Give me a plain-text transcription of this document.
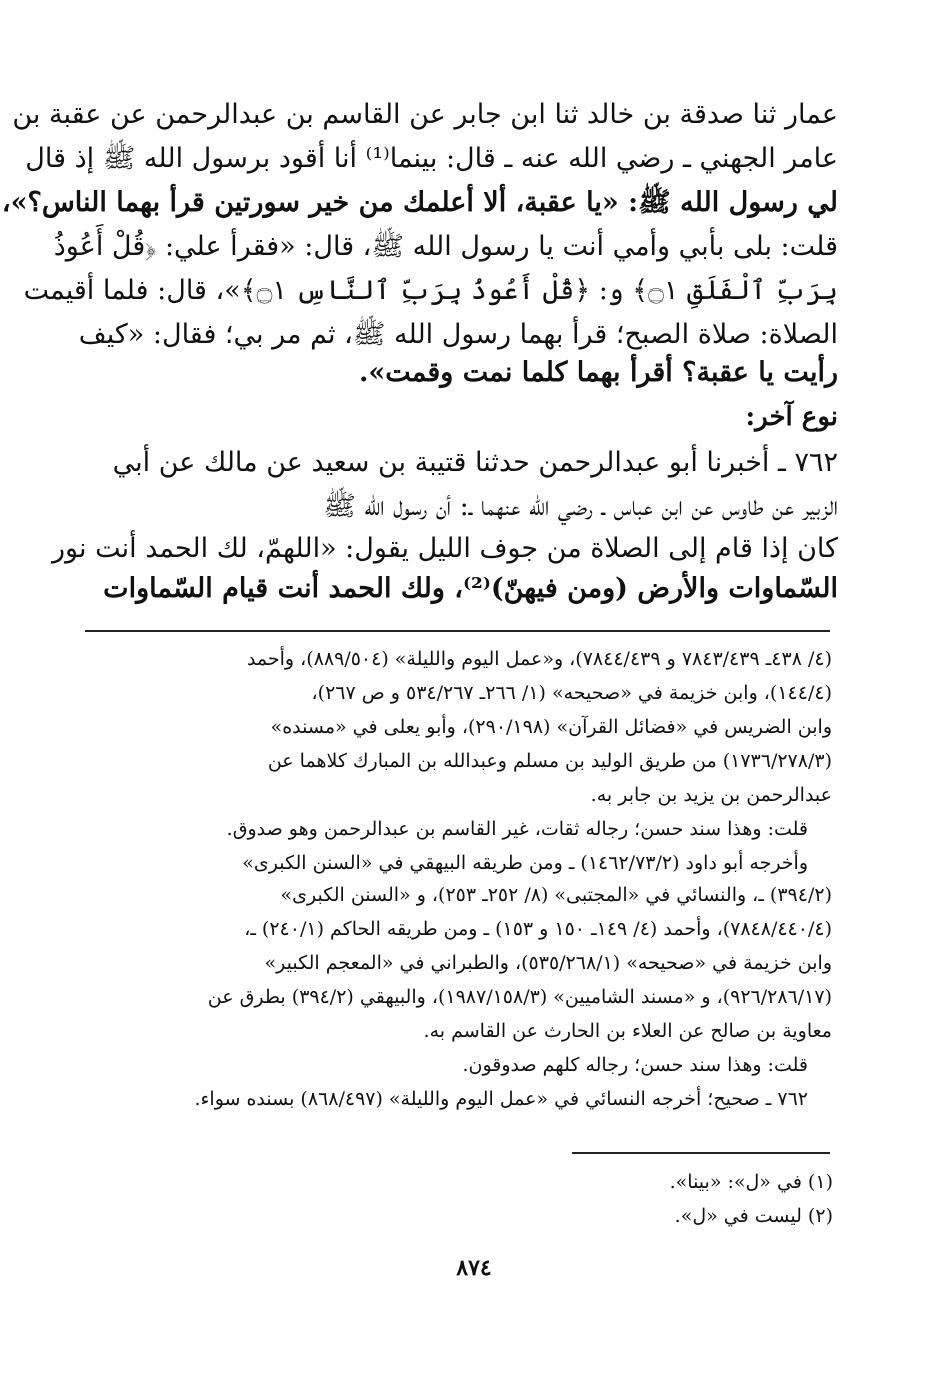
عمار ثنا صدقة بن خالد ثنا ابن جابر عن القاسم بن عبدالرحمن عن عقبة بن
عامر الجهني ـ رضي الله عنه ـ قال: بينما⁽¹⁾ أنا أقود برسول الله ﷺ إذ قال
لي رسول الله ﷺ: «يا عقبة، ألا أعلمك من خير سورتين قرأ بهما الناس؟»،
قلت: بلى بأبي وأمي أنت يا رسول الله ﷺ، قال: «فقرأ علي: ﴿قُلْ أَعُوذُ
بِرَبِّ ٱلْفَلَقِ ۝١﴾ و: ﴿قُلْ أَعُوذُ بِرَبِّ ٱلنَّاسِ ۝١﴾»، قال: فلما أقيمت
الصلاة: صلاة الصبح؛ قرأ بهما رسول الله ﷺ، ثم مر بي؛ فقال: «كيف
رأيت يا عقبة؟ أقرأ بهما كلما نمت وقمت».
نوع آخر:
٧٦٢ ـ أخبرنا أبو عبدالرحمن حدثنا قتيبة بن سعيد عن مالك عن أبي
الزبير عن طاوس عن ابن عباس ـ رضي الله عنهما ـ: أن رسول الله ﷺ
كان إذا قام إلى الصلاة من جوف الليل يقول: «اللهمّ، لك الحمد أنت نور
السّماوات والأرض (ومن فيهنّ)⁽²⁾، ولك الحمد أنت قيام السّماوات
(٤/ ٤٣٨ـ ٧٨٤٣/٤٣٩ و ٧٨٤٤/٤٣٩)، و«عمل اليوم والليلة» (٨٨٩/٥٠٤)، وأحمد
(١٤٤/٤)، وابن خزيمة في «صحيحه» (١/ ٢٦٦ـ ٥٣٤/٢٦٧ و ص ٢٦٧)،
وابن الضريس في «فضائل القرآن» (٢٩٠/١٩٨)، وأبو يعلى في «مسنده»
(١٧٣٦/٢٧٨/٣) من طريق الوليد بن مسلم وعبدالله بن المبارك كلاهما عن
عبدالرحمن بن يزيد بن جابر به.
قلت: وهذا سند حسن؛ رجاله ثقات، غير القاسم بن عبدالرحمن وهو صدوق.
وأخرجه أبو داود (١٤٦٢/٧٣/٢) ـ ومن طريقه البيهقي في «السنن الكبرى»
(٣٩٤/٢) ـ، والنسائي في «المجتبى» (٨/ ٢٥٢ـ ٢٥٣)، و «السنن الكبرى»
(٧٨٤٨/٤٤٠/٤)، وأحمد (٤/ ١٤٩ـ ١٥٠ و ١٥٣) ـ ومن طريقه الحاكم (٢٤٠/١) ـ،
وابن خزيمة في «صحيحه» (٥٣٥/٢٦٨/١)، والطبراني في «المعجم الكبير»
(٩٢٦/٢٨٦/١٧)، و «مسند الشاميين» (١٩٨٧/١٥٨/٣)، والبيهقي (٣٩٤/٢) بطرق عن
معاوية بن صالح عن العلاء بن الحارث عن القاسم به.
قلت: وهذا سند حسن؛ رجاله كلهم صدوقون.
٧٦٢ ـ صحيح؛ أخرجه النسائي في «عمل اليوم والليلة» (٨٦٨/٤٩٧) بسنده سواء.
(١) في «ل»: «بينا».
(٢) ليست في «ل».
٨٧٤
